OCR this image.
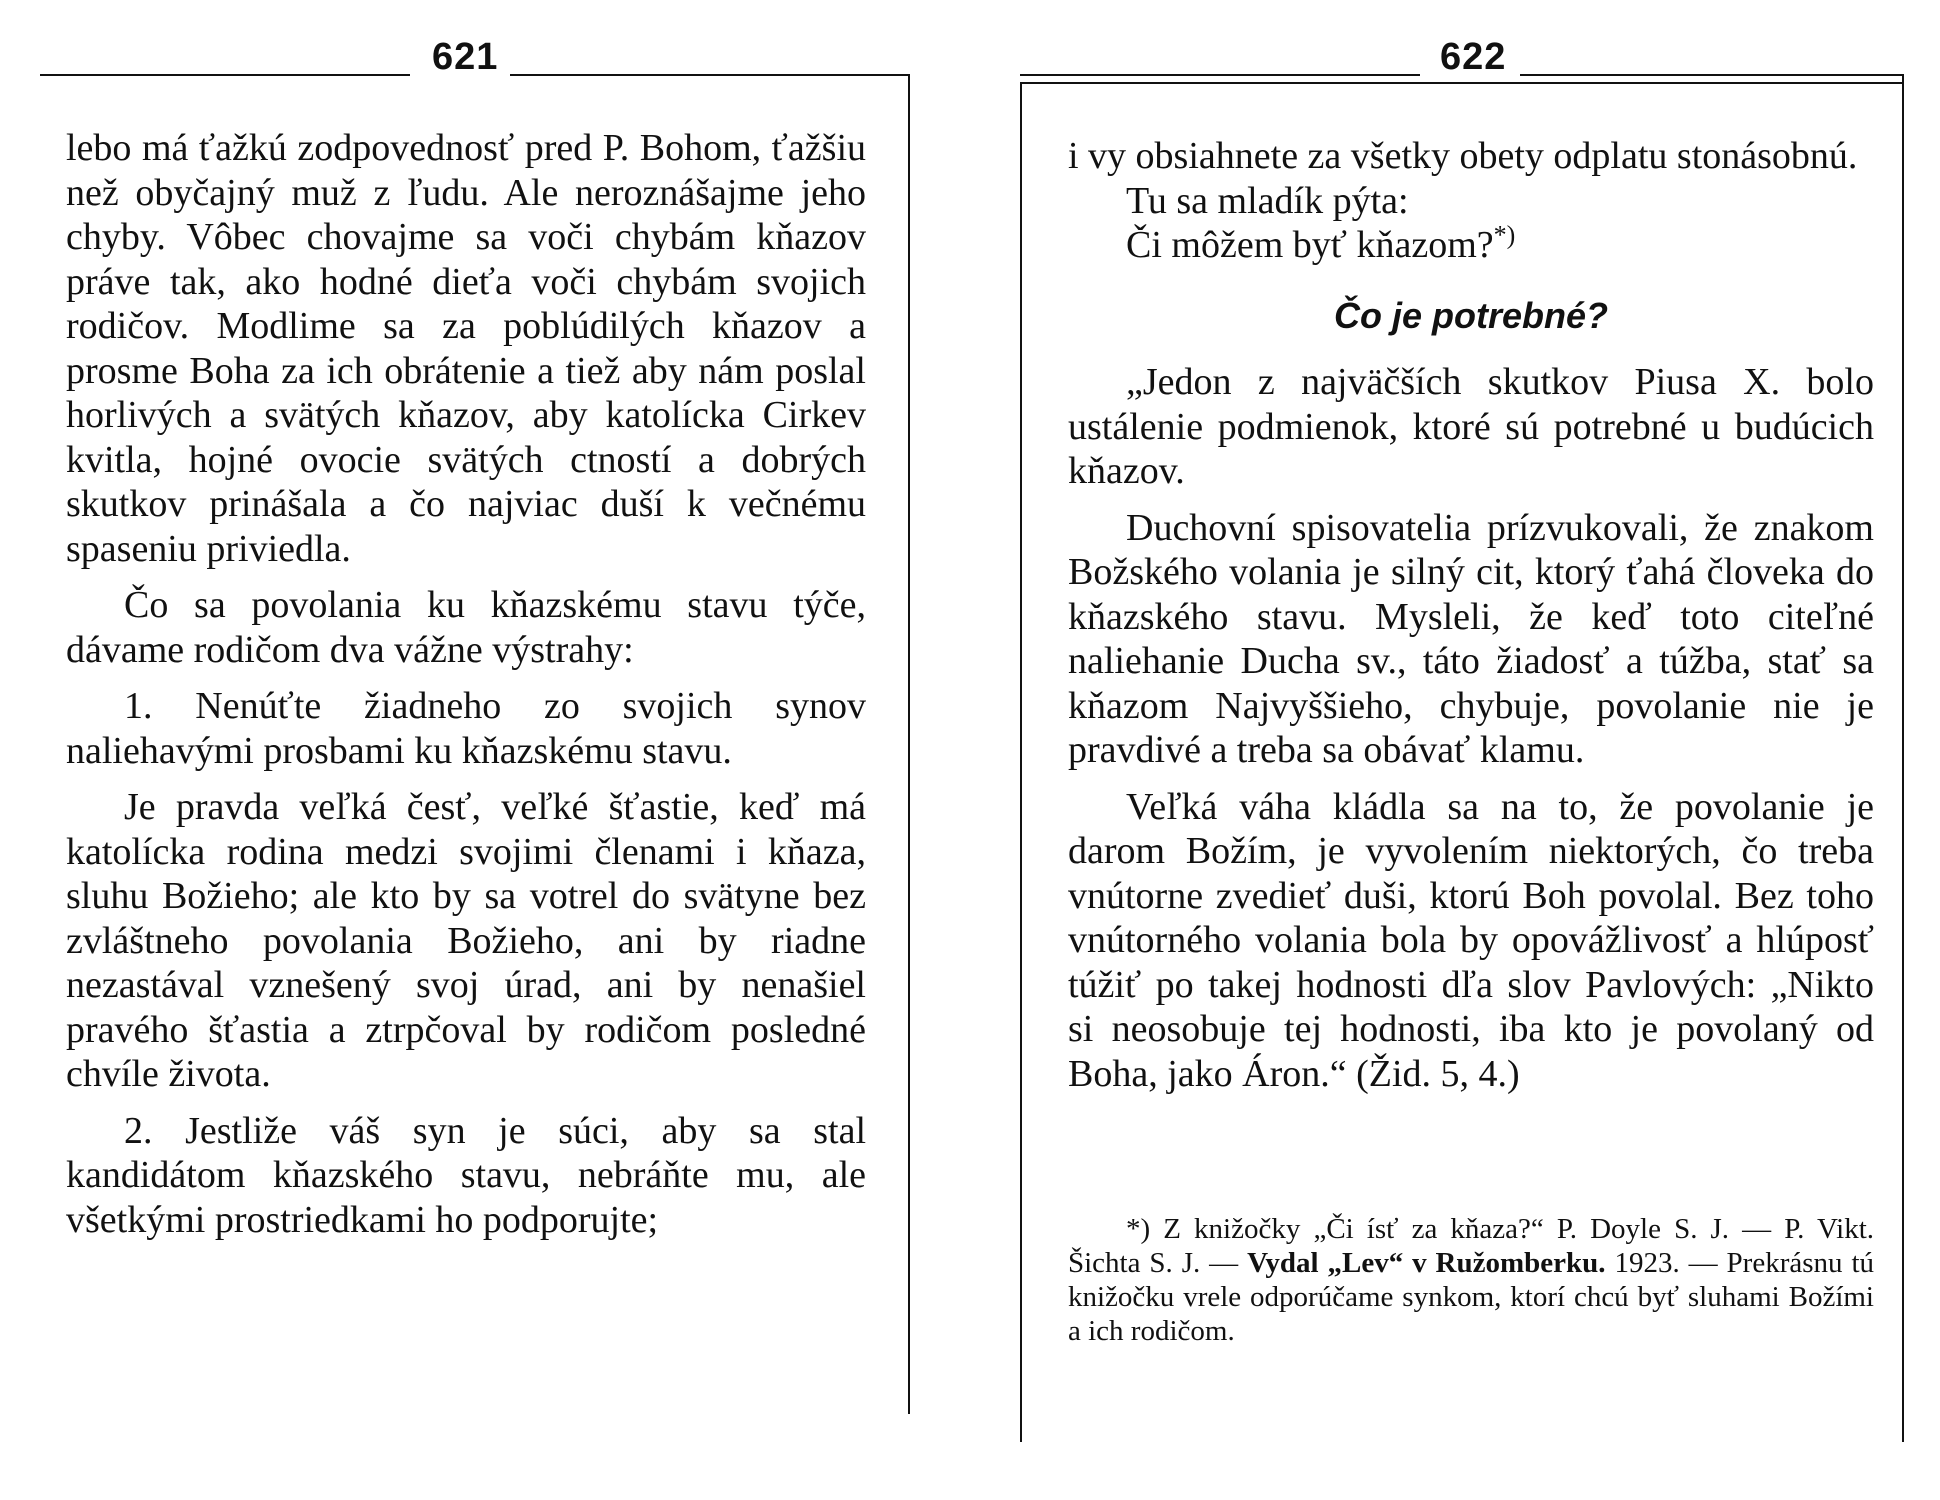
621

lebo má ťažkú zodpovednosť pred P. Bohom, ťažšiu než obyčajný muž z ľudu. Ale neroznášajme jeho chyby. Vôbec chovajme sa voči chybám kňazov práve tak, ako hodné dieťa voči chybám svojich rodičov. Modlime sa za poblúdilých kňazov a prosme Boha za ich obrátenie a tiež aby nám poslal horlivých a svätých kňazov, aby katolícka Cirkev kvitla, hojné ovocie svätých ctností a dobrých skutkov prinášala a čo najviac duší k večnému spaseniu priviedla.

Čo sa povolania ku kňazskému stavu týče, dávame rodičom dva vážne výstrahy:

1. Nenúťte žiadneho zo svojich synov naliehavými prosbami ku kňazskému stavu.

Je pravda veľká česť, veľké šťastie, keď má katolícka rodina medzi svojimi členami i kňaza, sluhu Božieho; ale kto by sa votrel do svätyne bez zvláštneho povolania Božieho, ani by riadne nezastával vznešený svoj úrad, ani by nenašiel pravého šťastia a ztrpčoval by rodičom posledné chvíle života.

2. Jestliže váš syn je súci, aby sa stal kandidátom kňazského stavu, nebráňte mu, ale všetkými prostriedkami ho podporujte;

622

i vy obsiahnete za všetky obety odplatu stonásobnú.

Tu sa mladík pýta:

Či môžem byť kňazom?*)

Čo je potrebné?

„Jedon z najväčších skutkov Piusa X. bolo ustálenie podmienok, ktoré sú potrebné u budúcich kňazov.

Duchovní spisovatelia prízvukovali, že znakom Božského volania je silný cit, ktorý ťahá človeka do kňazského stavu. Mysleli, že keď toto citeľné naliehanie Ducha sv., táto žiadosť a túžba, stať sa kňazom Najvyššieho, chybuje, povolanie nie je pravdivé a treba sa obávať klamu.

Veľká váha kládla sa na to, že povolanie je darom Božím, je vyvolením niektorých, čo treba vnútorne zvedieť duši, ktorú Boh povolal. Bez toho vnútorného volania bola by opovážlivosť a hlúposť túžiť po takej hodnosti dľa slov Pavlových: „Nikto si neosobuje tej hodnosti, iba kto je povolaný od Boha, jako Áron.“ (Žid. 5, 4.)

*) Z knižočky „Či ísť za kňaza?“ P. Doyle S. J. — P. Vikt. Šichta S. J. — Vydal „Lev“ v Ružomberku. 1923. — Prekrásnu tú knižočku vrele odporúčame synkom, ktorí chcú byť sluhami Božími a ich rodičom.
